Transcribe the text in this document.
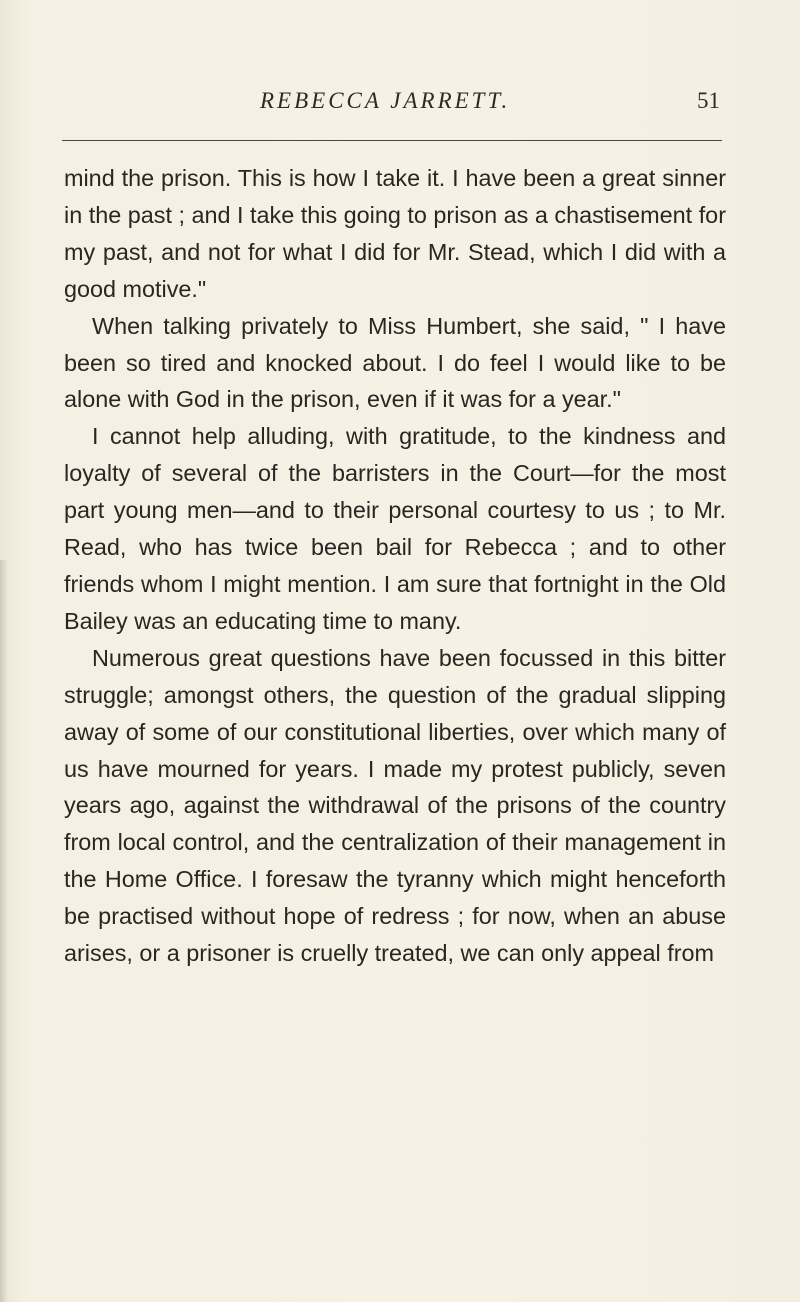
REBECCA JARRETT.	51

mind the prison. This is how I take it. I have been a great sinner in the past ; and I take this going to prison as a chastisement for my past, and not for what I did for Mr. Stead, which I did with a good motive."

When talking privately to Miss Humbert, she said, " I have been so tired and knocked about. I do feel I would like to be alone with God in the prison, even if it was for a year."

I cannot help alluding, with gratitude, to the kindness and loyalty of several of the barristers in the Court—for the most part young men—and to their personal courtesy to us ; to Mr. Read, who has twice been bail for Rebecca ; and to other friends whom I might mention. I am sure that fortnight in the Old Bailey was an educating time to many.

Numerous great questions have been focussed in this bitter struggle; amongst others, the question of the gradual slipping away of some of our constitutional liberties, over which many of us have mourned for years. I made my protest publicly, seven years ago, against the withdrawal of the prisons of the country from local control, and the centralization of their management in the Home Office. I foresaw the tyranny which might henceforth be practised without hope of redress ; for now, when an abuse arises, or a prisoner is cruelly treated, we can only appeal from
